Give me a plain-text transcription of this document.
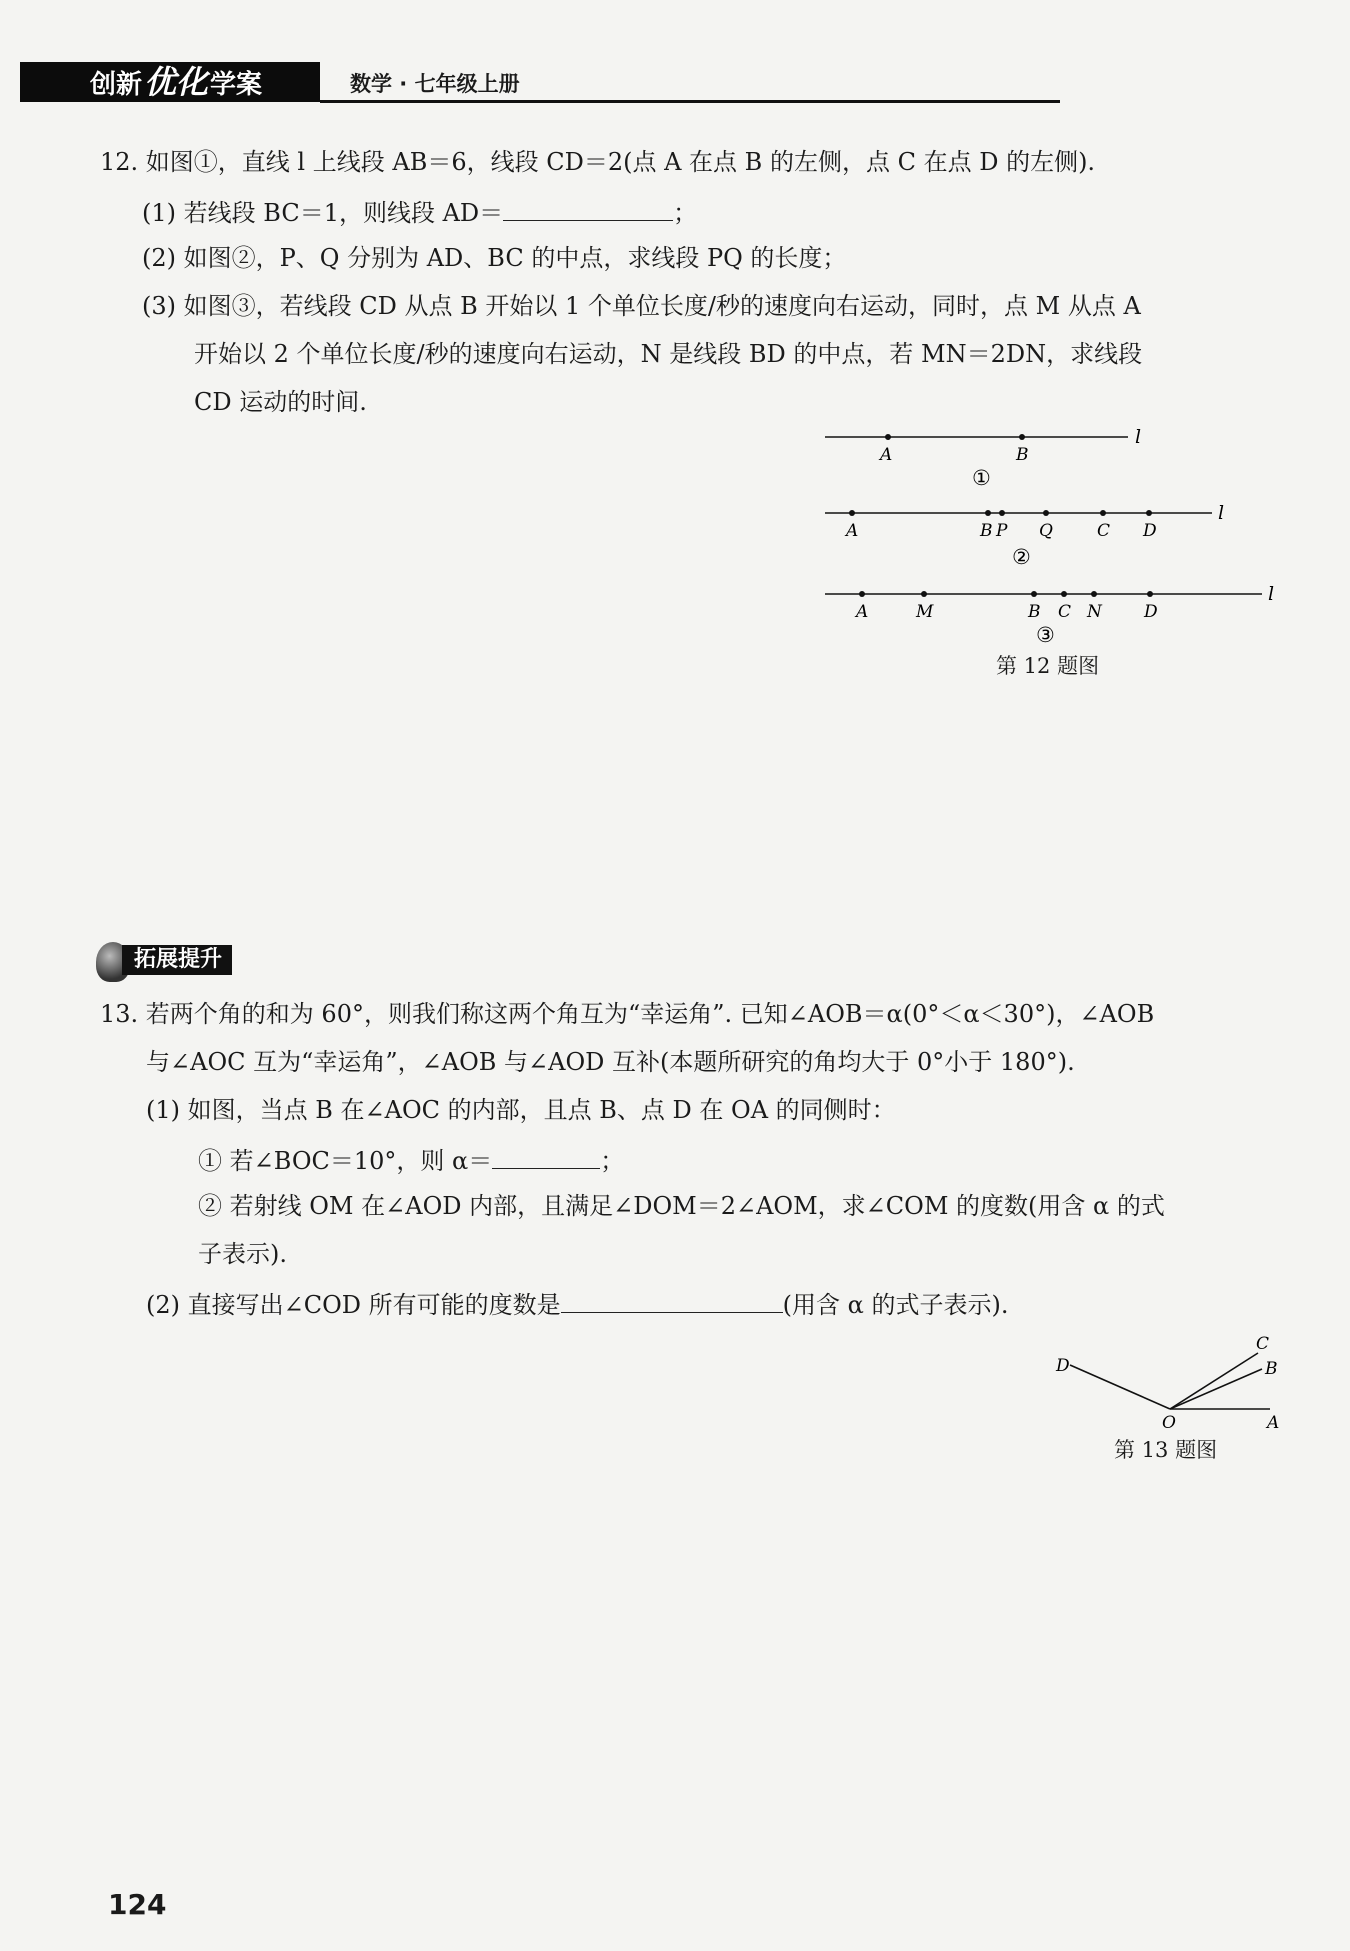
创新优化学案	数学 · 七年级上册
12. 如图①，直线 l 上线段 AB＝6，线段 CD＝2(点 A 在点 B 的左侧，点 C 在点 D 的左侧).
(1) 若线段 BC＝1，则线段 AD＝	；
(2) 如图②，P、Q 分别为 AD、BC 的中点，求线段 PQ 的长度；
(3) 如图③，若线段 CD 从点 B 开始以 1 个单位长度/秒的速度向右运动，同时，点 M 从点 A
开始以 2 个单位长度/秒的速度向右运动，N 是线段 BD 的中点，若 MN＝2DN，求线段
CD 运动的时间.
A	B
l
①
A	B P Q	C D
l
②
A	M	B C N D
l
③
第 12 题图
拓展提升
13. 若两个角的和为 60°，则我们称这两个角互为“幸运角”. 已知∠AOB＝α(0°＜α＜30°)，∠AOB
与∠AOC 互为“幸运角”，∠AOB 与∠AOD 互补(本题所研究的角均大于 0°小于 180°).
(1) 如图，当点 B 在∠AOC 的内部，且点 B、点 D 在 OA 的同侧时：
① 若∠BOC＝10°，则 α＝	；
② 若射线 OM 在∠AOD 内部，且满足∠DOM＝2∠AOM，求∠COM 的度数(用含 α 的式
子表示).
(2) 直接写出∠COD 所有可能的度数是	(用含 α 的式子表示).
D
C
B
O	A
第 13 题图
124
